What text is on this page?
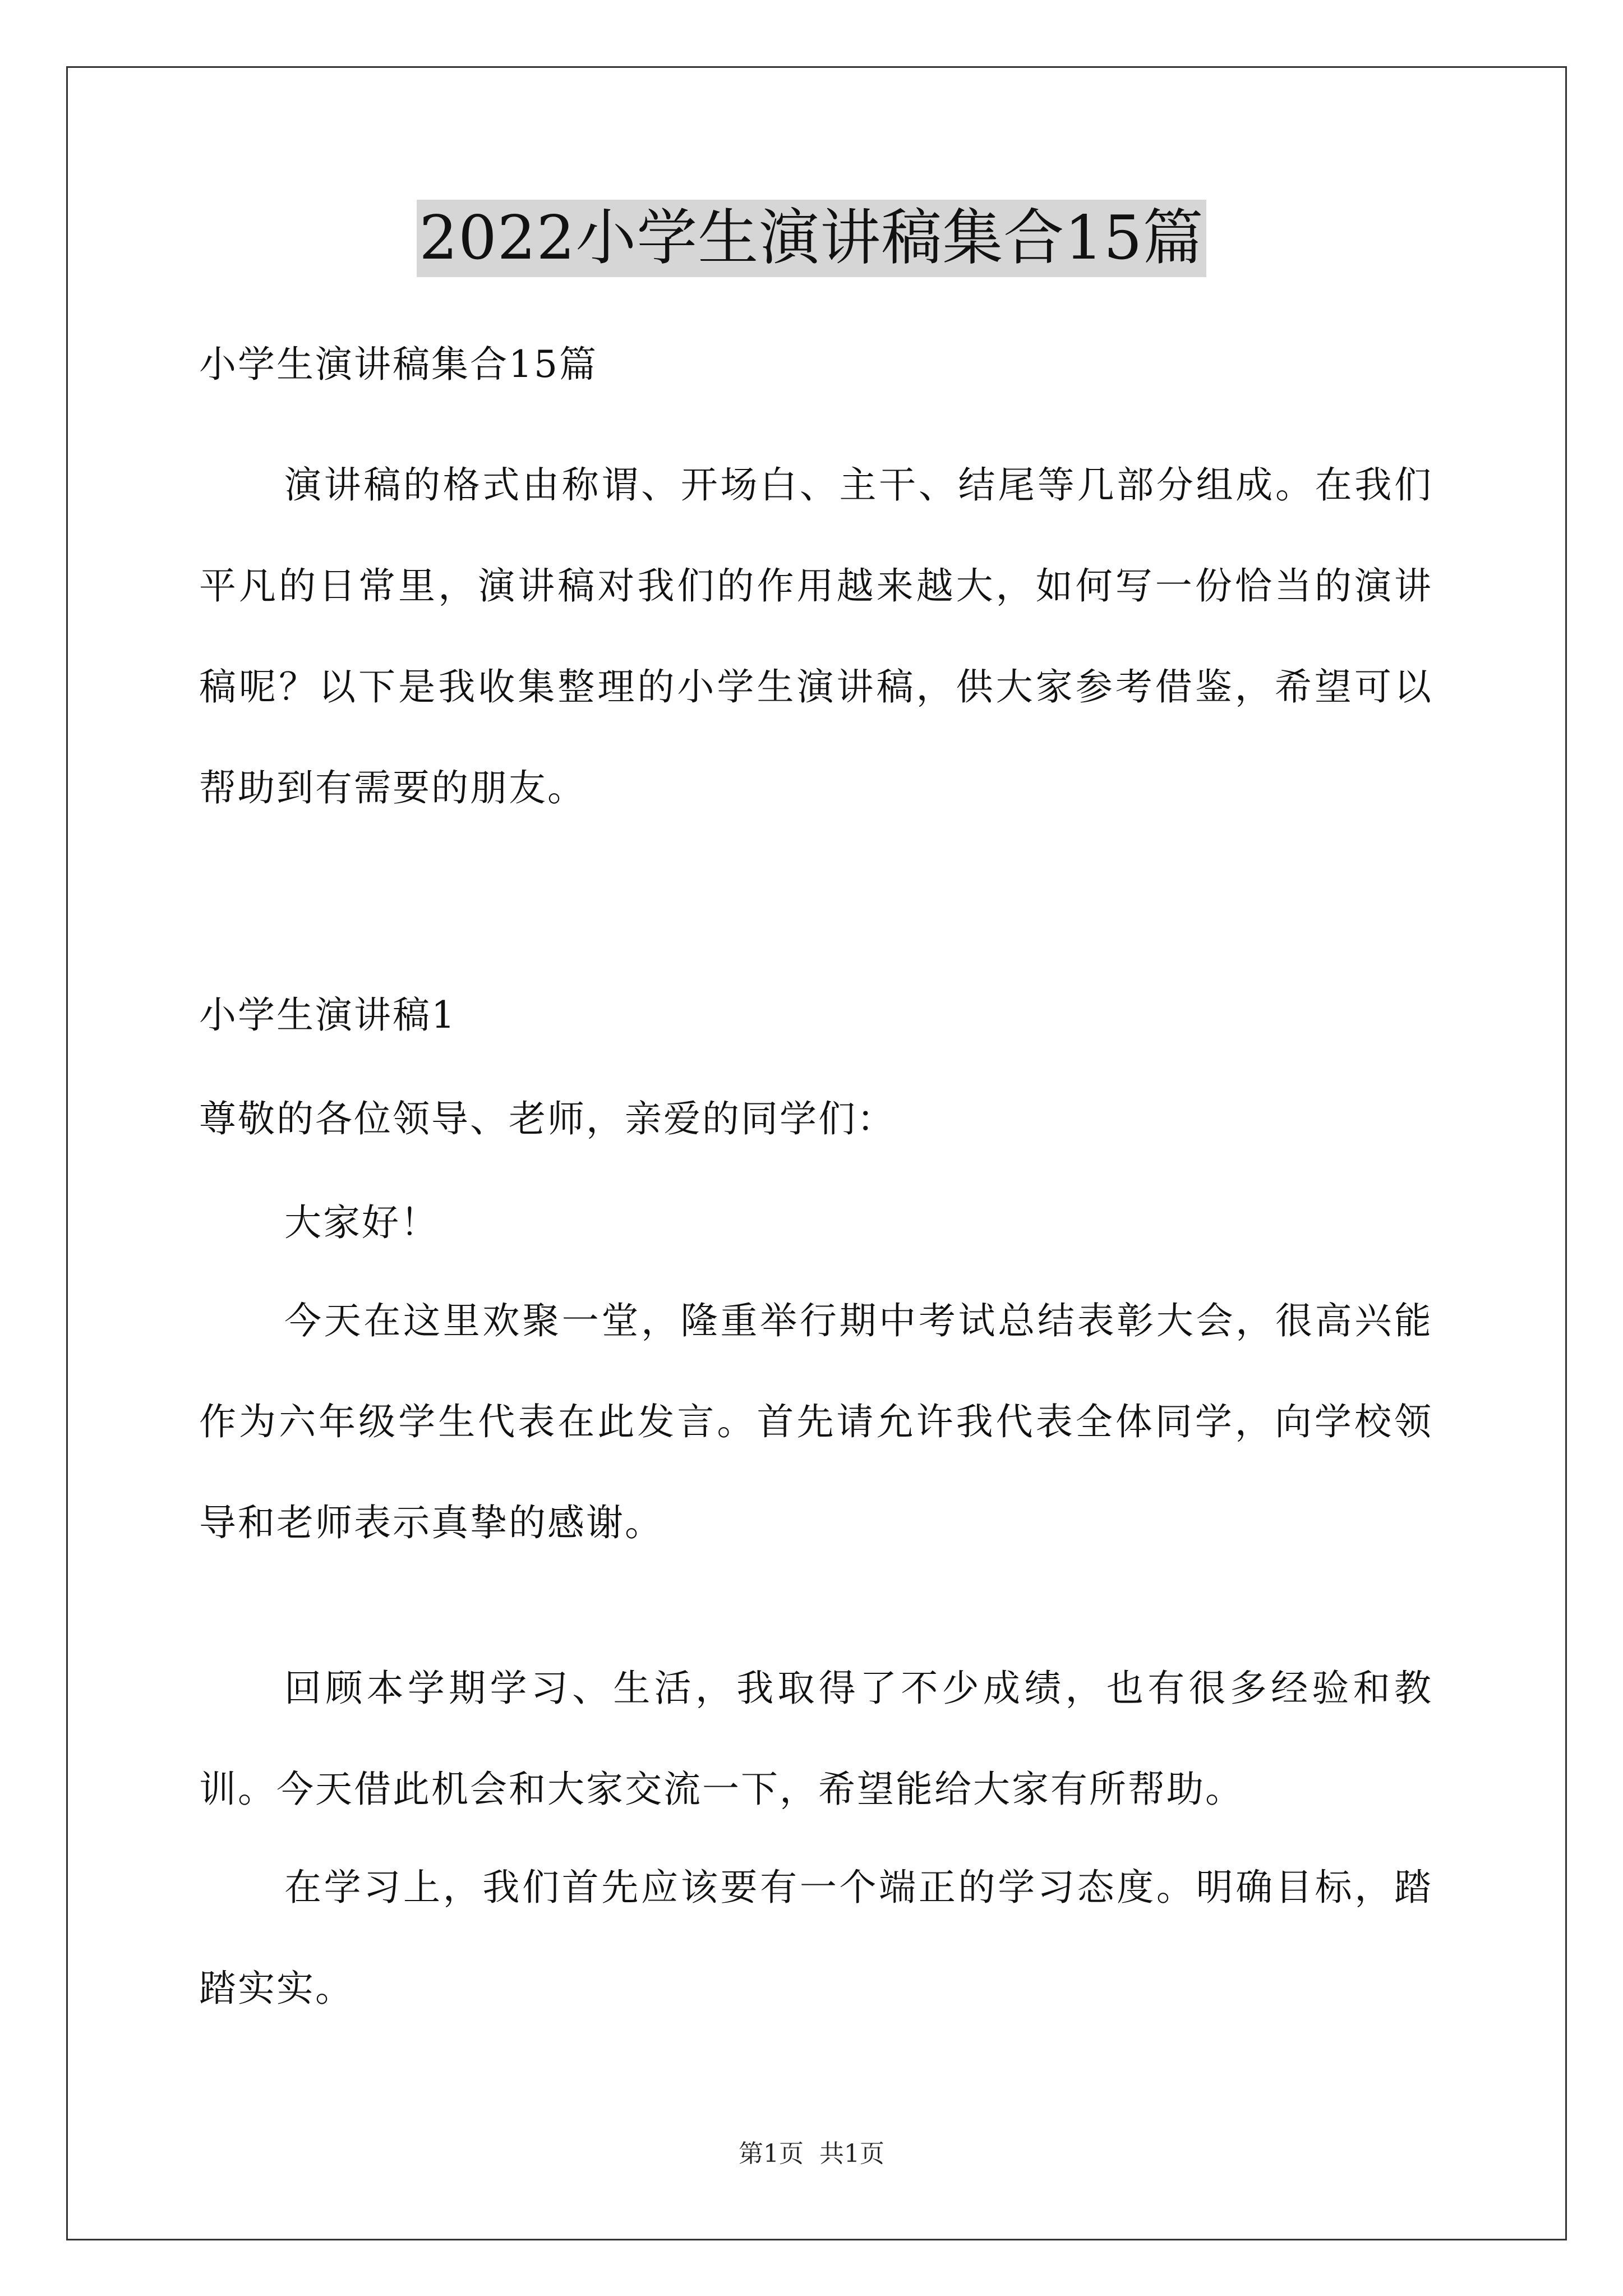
2022小学生演讲稿集合15篇
小学生演讲稿集合15篇
演讲稿的格式由称谓、开场白、主干、结尾等几部分组成。在我们平凡的日常里，演讲稿对我们的作用越来越大，如何写一份恰当的演讲稿呢？以下是我收集整理的小学生演讲稿，供大家参考借鉴，希望可以帮助到有需要的朋友。
小学生演讲稿1
尊敬的各位领导、老师，亲爱的同学们：
大家好！
今天在这里欢聚一堂，隆重举行期中考试总结表彰大会，很高兴能作为六年级学生代表在此发言。首先请允许我代表全体同学，向学校领导和老师表示真挚的感谢。
回顾本学期学习、生活，我取得了不少成绩，也有很多经验和教训。今天借此机会和大家交流一下，希望能给大家有所帮助。
在学习上，我们首先应该要有一个端正的学习态度。明确目标，踏踏实实。
第1页 共1页
